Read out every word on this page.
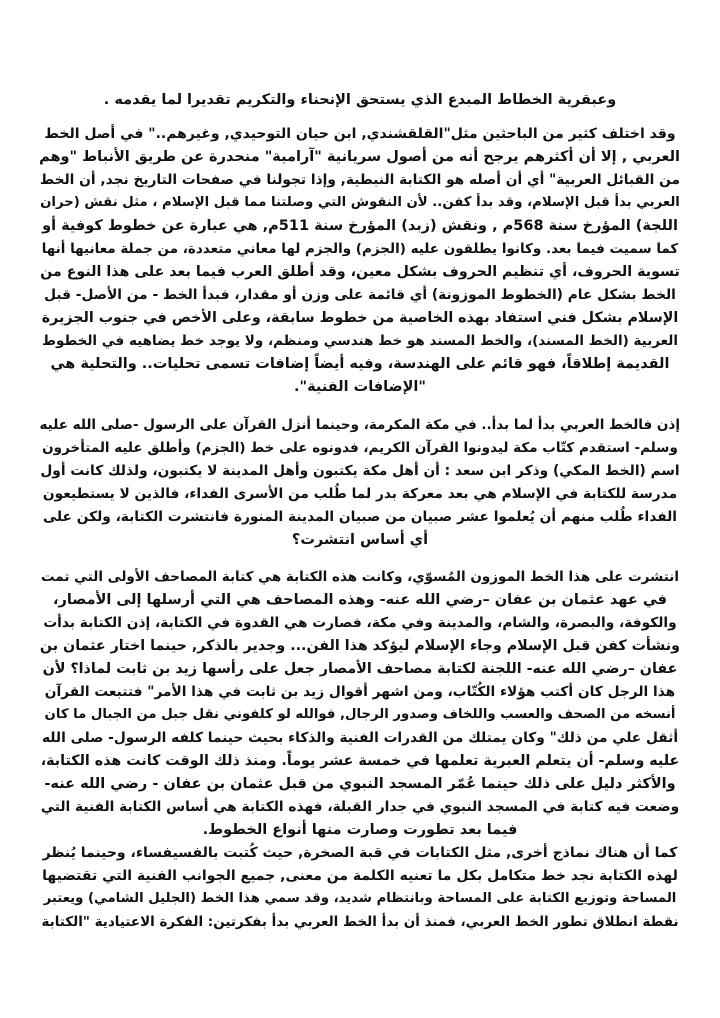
وعبقرية الخطاط المبدع الذي يستحق الإنحناء والتكريم تقديرا لما يقدمه .
وقد اختلف كثير من الباحثين مثل"القلقشندي, ابن حيان التوحيدي, وغيرهم.." في أصل الخط
العربي , إلا أن أكثرهم يرجح أنه من أصول سريانية "آرامية" منحدرة عن طريق الأنباط "وهم
من القبائل العربية" أي أن أصله هو الكتابة النبطية, وإذا تجولنا في صفحات التاريخ نجد, أن الخط
العربي بدأ قبل الإسلام، وقد بدأ كفن.. لأن النقوش التي وصلتنا مما قبل الإسلام ، مثل نقش (حران
اللجة) المؤرخ سنة 568م , ونقش (زبد) المؤرخ سنة 511م, هي عبارة عن خطوط كوفية أو
كما سميت فيما بعد. وكانوا يطلقون عليه (الجزم) والجزم لها معاني متعددة، من جملة معانيها أنها
تسوية الحروف، أي تنظيم الحروف بشكل معين، وقد أطلق العرب فيما بعد على هذا النوع من
الخط بشكل عام (الخطوط الموزونة) أي قائمة على وزن أو مقدار، فبدأ الخط - من الأصل- قبل
الإسلام بشكل فني استفاد بهذه الخاصية من خطوط سابقة، وعلى الأخص في جنوب الجزيرة
العربية (الخط المسند)، والخط المسند هو خط هندسي ومنظم، ولا يوجد خط يضاهيه في الخطوط
القديمة إطلاقاً، فهو قائم على الهندسة، وفيه أيضاً إضافات تسمى تحليات.. والتحلية هي
"الإضافات الفنية".
إذن فالخط العربي بدأ لما بدأ.. في مكة المكرمة، وحينما أنزل القرآن على الرسول -صلى الله عليه
وسلم- استقدم كتّاب مكة ليدونوا القرآن الكريم، فدونوه على خط (الجزم) وأطلق عليه المتأخرون
اسم (الخط المكي) وذكر ابن سعد : أن أهل مكة يكتبون وأهل المدينة لا يكتبون، ولذلك كانت أول
مدرسة للكتابة في الإسلام هي بعد معركة بدر لما طُلب من الأسرى الفداء، فالذين لا يستطيعون
الفداء طُلب منهم أن يُعلموا عشر صبيان من صبيان المدينة المنورة فانتشرت الكتابة، ولكن على
أي أساس انتشرت؟
انتشرت على هذا الخط الموزون المُسوّي، وكانت هذه الكتابة هي كتابة المصاحف الأولى التي تمت
في عهد عثمان بن عفان –رضي الله عنه- وهذه المصاحف هي التي أرسلها إلى الأمصار،
والكوفة، والبصرة، والشام، والمدينة وفي مكة، فصارت هي القدوة في الكتابة، إذن الكتابة بدأت
ونشأت كفن قبل الإسلام وجاء الإسلام ليؤكد هذا الفن... وجدير بالذكر, حينما اختار عثمان بن
عفان –رضي الله عنه- اللجنة لكتابة مصاحف الأمصار جعل على رأسها زيد بن ثابت لماذا؟ لأن
هذا الرجل كان أكتب هؤلاء الكُتّاب، ومن اشهر أقوال زيد بن ثابت في هذا الأمر" فتتبعت القرآن
أنسخه من الصحف والعسب واللخاف وصدور الرجال, فوالله لو كلفوني نقل جبل من الجبال ما كان
أثقل علي من ذلك" وكان يمتلك من القدرات الفنية والذكاء بحيث حينما كلفه الرسول- صلى الله
عليه وسلم- أن يتعلم العبرية تعلمها في خمسة عشر يوماً. ومنذ ذلك الوقت كانت هذه الكتابة،
والأكثر دليل على ذلك حينما عُمّر المسجد النبوي من قبل عثمان بن عفان - رضي الله عنه-
وضعت فيه كتابة في المسجد النبوي في جدار القبلة، فهذه الكتابة هي أساس الكتابة الفنية التي
فيما بعد تطورت وصارت منها أنواع الخطوط.
كما أن هناك نماذج أخرى, مثل الكتابات في قبة الصخرة, حيث كُتبت بالفسيفساء، وحينما يُنظر
لهذه الكتابة نجد خط متكامل بكل ما تعنيه الكلمة من معنى, جميع الجوانب الفنية التي تقتضيها
المساحة وتوزيع الكتابة على المساحة وبانتظام شديد، وقد سمي هذا الخط (الجليل الشامي) ويعتبر
نقطة انطلاق تطور الخط العربي، فمنذ أن بدأ الخط العربي بدأ بفكرتين: الفكرة الاعتيادية "الكتابة
